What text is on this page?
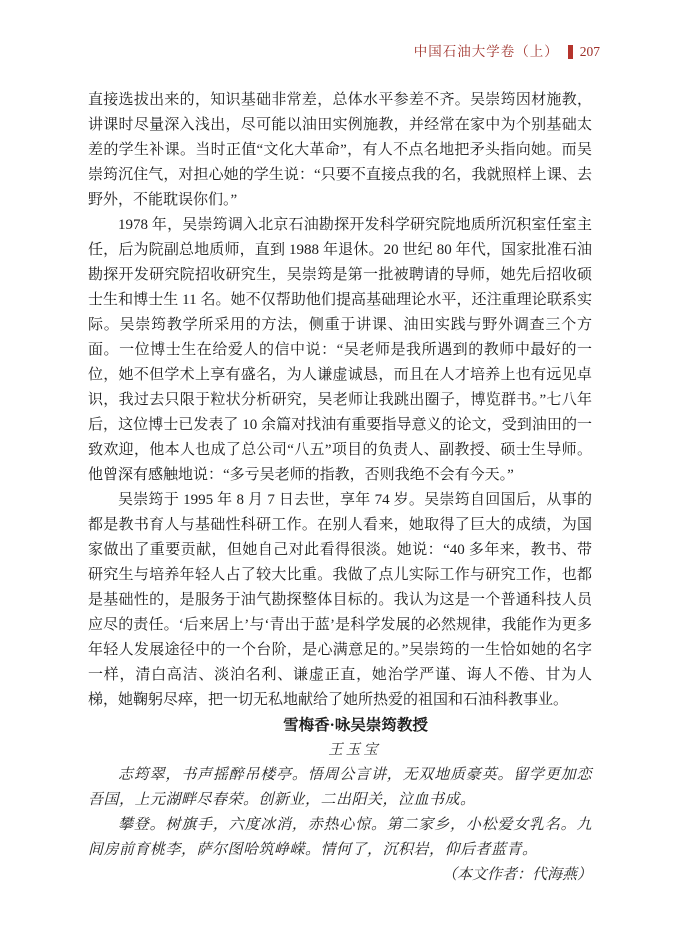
中国石油大学卷（上） 207

直接选拔出来的，知识基础非常差，总体水平参差不齐。吴崇筠因材施教，讲课时尽量深入浅出，尽可能以油田实例施教，并经常在家中为个别基础太差的学生补课。当时正值“文化大革命”，有人不点名地把矛头指向她。而吴崇筠沉住气，对担心她的学生说：“只要不直接点我的名，我就照样上课、去野外，不能耽误你们。”

1978 年，吴崇筠调入北京石油勘探开发科学研究院地质所沉积室任室主任，后为院副总地质师，直到 1988 年退休。20 世纪 80 年代，国家批准石油勘探开发研究院招收研究生，吴崇筠是第一批被聘请的导师，她先后招收硕士生和博士生 11 名。她不仅帮助他们提高基础理论水平，还注重理论联系实际。吴崇筠教学所采用的方法，侧重于讲课、油田实践与野外调查三个方面。一位博士生在给爱人的信中说：“吴老师是我所遇到的教师中最好的一位，她不但学术上享有盛名，为人谦虚诚恳，而且在人才培养上也有远见卓识，我过去只限于粒状分析研究，吴老师让我跳出圈子，博览群书。”七八年后，这位博士已发表了 10 余篇对找油有重要指导意义的论文，受到油田的一致欢迎，他本人也成了总公司“八五”项目的负责人、副教授、硕士生导师。他曾深有感触地说：“多亏吴老师的指教，否则我绝不会有今天。”

吴崇筠于 1995 年 8 月 7 日去世，享年 74 岁。吴崇筠自回国后，从事的都是教书育人与基础性科研工作。在别人看来，她取得了巨大的成绩，为国家做出了重要贡献，但她自己对此看得很淡。她说：“40 多年来，教书、带研究生与培养年轻人占了较大比重。我做了点儿实际工作与研究工作，也都是基础性的，是服务于油气勘探整体目标的。我认为这是一个普通科技人员应尽的责任。‘后来居上’与‘青出于蓝’是科学发展的必然规律，我能作为更多年轻人发展途径中的一个台阶，是心满意足的。”吴崇筠的一生恰如她的名字一样，清白高洁、淡泊名利、谦虚正直，她治学严谨、诲人不倦、甘为人梯，她鞠躬尽瘁，把一切无私地献给了她所热爱的祖国和石油科教事业。

雪梅香·咏吴崇筠教授

王玉宝

志筠翠，书声摇醉吊楼亭。悟周公言讲，无双地质豪英。留学更加恋吾国，上元湖畔尽春荣。创新业，二出阳关，泣血书成。

攀登。树旗手，六度冰消，赤热心惊。第二家乡，小松爱女乳名。九间房前育桃李，萨尔图哈筑峥嵘。情何了，沉积岩，仰后者蓝青。

（本文作者：代海燕）
